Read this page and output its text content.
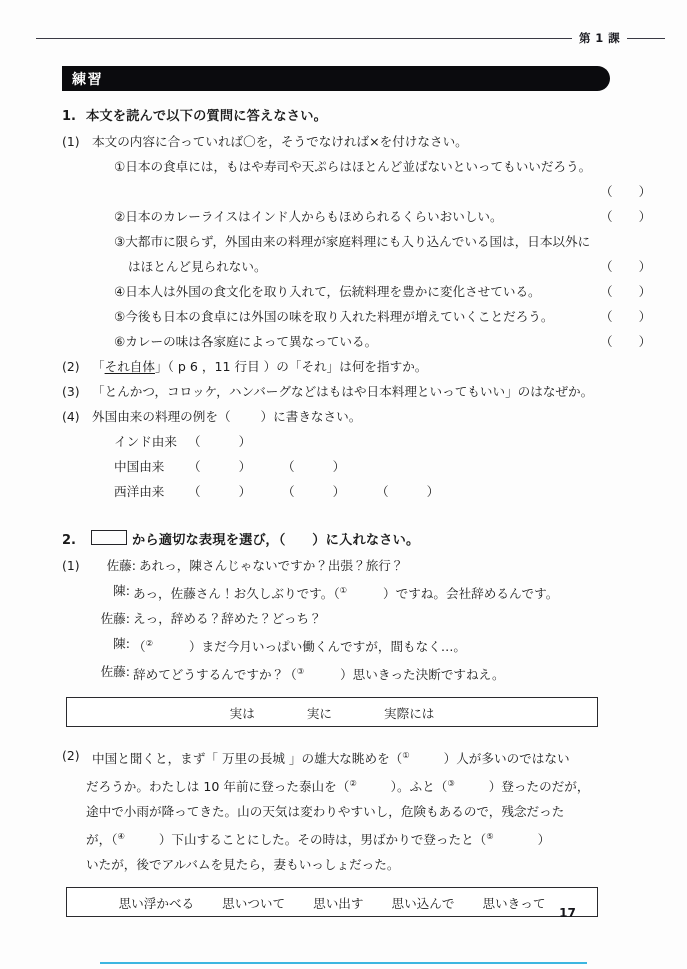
第 1 課
練習
1. 本文を読んで以下の質問に答えなさい。
(1) 本文の内容に合っていれば〇を，そうでなければ×を付けなさい。
① 日本の食卓には，もはや寿司や天ぷらはほとんど並ばないといってもいいだろう。
（ ）
② 日本のカレーライスはインド人からもほめられるくらいおいしい。	（ ）
③ 大都市に限らず，外国由来の料理が家庭料理にも入り込んでいる国は，日本以外に
はほとんど見られない。	（ ）
④ 日本人は外国の食文化を取り入れて，伝統料理を豊かに変化させている。	（ ）
⑤ 今後も日本の食卓には外国の味を取り入れた料理が増えていくことだろう。	（ ）
⑥ カレーの味は各家庭によって異なっている。	（ ）
(2) 「それ自体」（ p 6 ，11 行目 ）の「それ」は何を指すか。
(3) 「とんかつ，コロッケ，ハンバーグなどはもはや日本料理といってもいい」のはなぜか。
(4) 外国由来の料理の例を（ ）に書きなさい。
インド由来 （	）
中国由来	（	）	（	）
西洋由来	（	）	（	）	（	）
2.	から適切な表現を選び，（　　）に入れなさい。
(1)	佐藤: あれっ，陳さんじゃないですか？出張？旅行？
陳: あっ，佐藤さん！お久しぶりです。（①	）ですね。会社辞めるんです。
佐藤: えっ，辞める？辞めた？どっち？
陳: （②	）まだ今月いっぱい働くんですが，間もなく…。
佐藤: 辞めてどうするんですか？（③	）思いきった決断ですねえ。
実は	実に	実際には
(2) 中国と聞くと，まず「 万里の長城 」の雄大な眺めを（①	）人が多いのではない
だろうか。わたしは 10 年前に登った泰山を（②	）。ふと（③	）登ったのだが，
途中で小雨が降ってきた。山の天気は変わりやすいし，危険もあるので，残念だった
が，（④	）下山することにした。その時は，男ばかりで登ったと（⑤	）
いたが，後でアルバムを見たら，妻もいっしょだった。
思い浮かべる 思いついて 思い出す 思い込んで 思いきって
17
